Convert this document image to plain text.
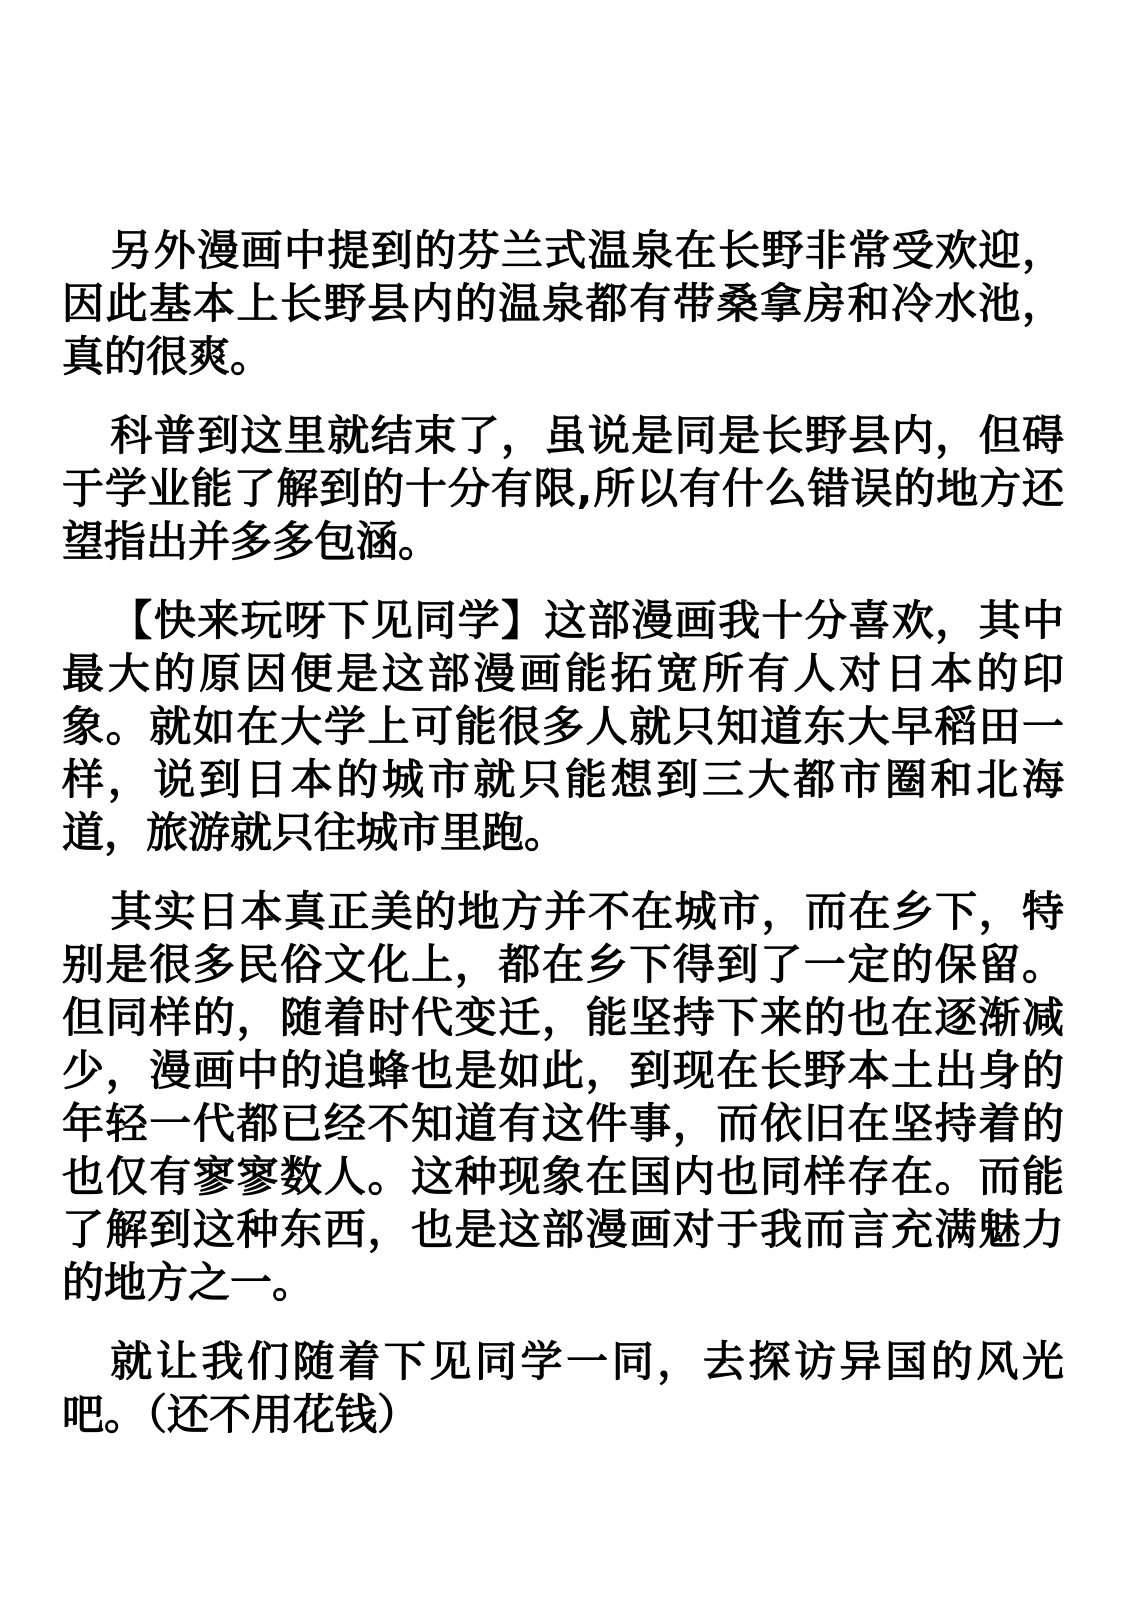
另外漫画中提到的芬兰式温泉在长野非常受欢迎，因此基本上长野县内的温泉都有带桑拿房和冷水池，真的很爽。

科普到这里就结束了，虽说是同是长野县内，但碍于学业能了解到的十分有限,所以有什么错误的地方还望指出并多多包涵。

【快来玩呀下见同学】这部漫画我十分喜欢，其中最大的原因便是这部漫画能拓宽所有人对日本的印象。就如在大学上可能很多人就只知道东大早稻田一样，说到日本的城市就只能想到三大都市圈和北海道，旅游就只往城市里跑。

其实日本真正美的地方并不在城市，而在乡下，特别是很多民俗文化上，都在乡下得到了一定的保留。但同样的，随着时代变迁，能坚持下来的也在逐渐减少，漫画中的追蜂也是如此，到现在长野本土出身的年轻一代都已经不知道有这件事，而依旧在坚持着的也仅有寥寥数人。这种现象在国内也同样存在。而能了解到这种东西，也是这部漫画对于我而言充满魅力的地方之一。

就让我们随着下见同学一同，去探访异国的风光吧。（还不用花钱）
